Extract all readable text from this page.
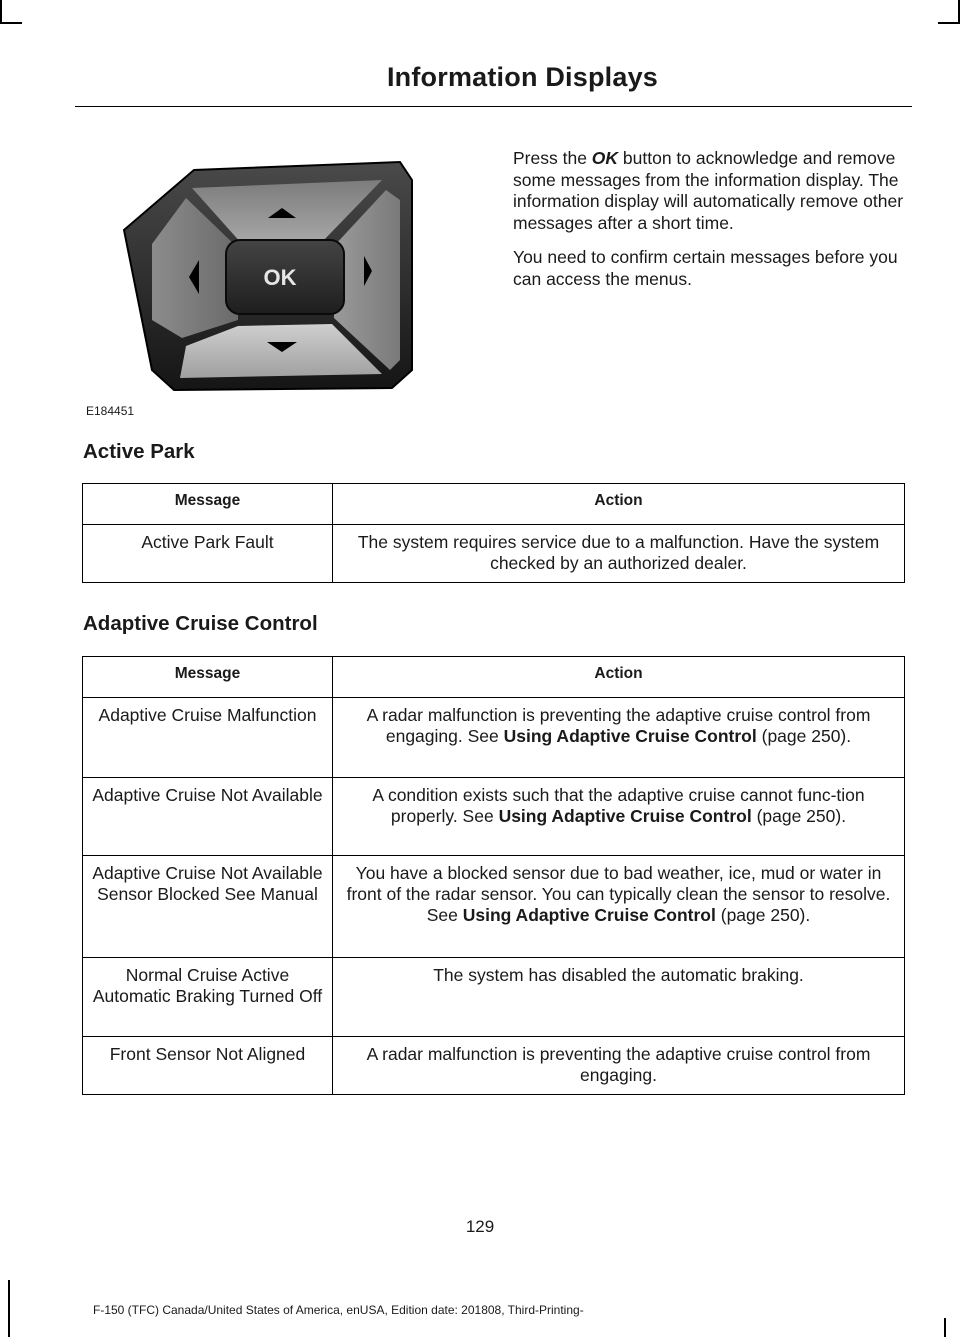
Information Displays
OK
E184451

Press the OK button to acknowledge and remove some messages from the information display. The information display will automatically remove other messages after a short time.

You need to confirm certain messages before you can access the menus.

Active Park
Message	Action
Active Park Fault	The system requires service due to a malfunction. Have the system checked by an authorized dealer.
Adaptive Cruise Control
Message	Action
Adaptive Cruise Malfunction	A radar malfunction is preventing the adaptive cruise control from engaging. See Using Adaptive Cruise Control (page 250).
Adaptive Cruise Not Available	A condition exists such that the adaptive cruise cannot func-tion properly. See Using Adaptive Cruise Control (page 250).
Adaptive Cruise Not Available Sensor Blocked See Manual	You have a blocked sensor due to bad weather, ice, mud or water in front of the radar sensor. You can typically clean the sensor to resolve. See Using Adaptive Cruise Control (page 250).
Normal Cruise Active Automatic Braking Turned Off	The system has disabled the automatic braking.
Front Sensor Not Aligned	A radar malfunction is preventing the adaptive cruise control from engaging.
129
F-150 (TFC) Canada/United States of America, enUSA, Edition date: 201808, Third-Printing-
